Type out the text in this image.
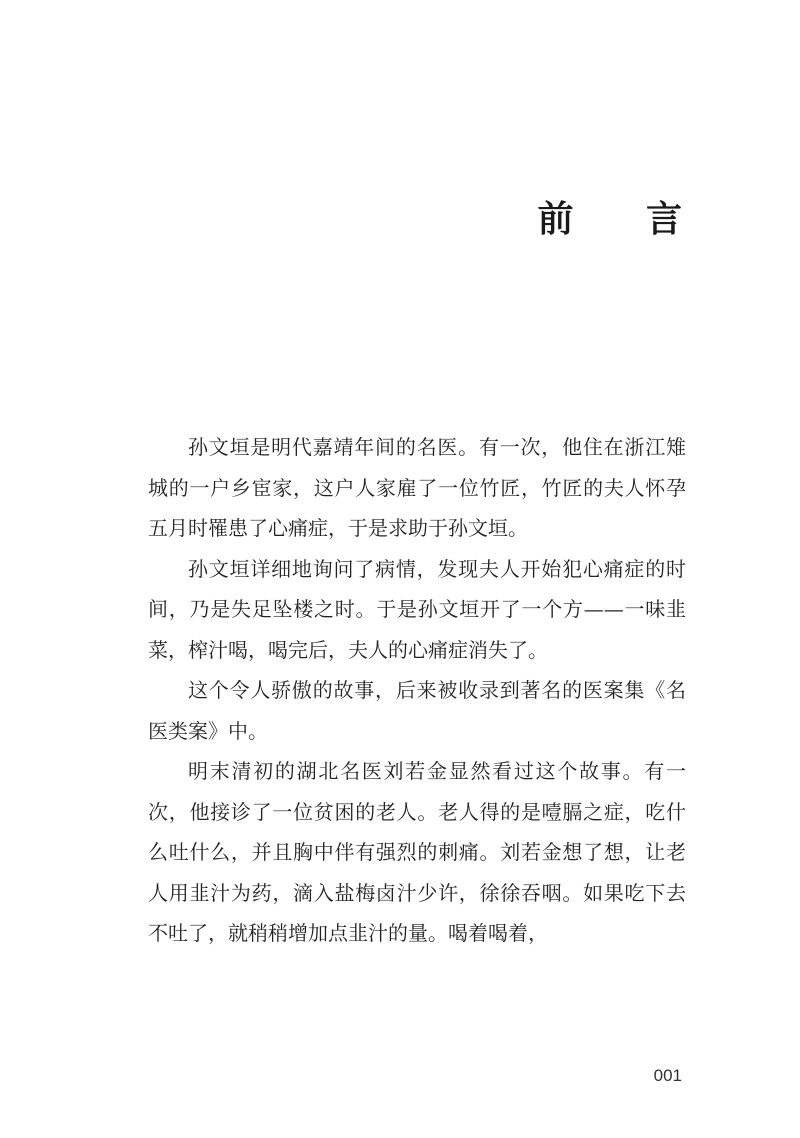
前 言

孙文垣是明代嘉靖年间的名医。有一次，他住在浙江雉城的一户乡宦家，这户人家雇了一位竹匠，竹匠的夫人怀孕五月时罹患了心痛症，于是求助于孙文垣。

孙文垣详细地询问了病情，发现夫人开始犯心痛症的时间，乃是失足坠楼之时。于是孙文垣开了一个方——一味韭菜，榨汁喝，喝完后，夫人的心痛症消失了。

这个令人骄傲的故事，后来被收录到著名的医案集《名医类案》中。

明末清初的湖北名医刘若金显然看过这个故事。有一次，他接诊了一位贫困的老人。老人得的是噎膈之症，吃什么吐什么，并且胸中伴有强烈的刺痛。刘若金想了想，让老人用韭汁为药，滴入盐梅卤汁少许，徐徐吞咽。如果吃下去不吐了，就稍稍增加点韭汁的量。喝着喝着，

001
